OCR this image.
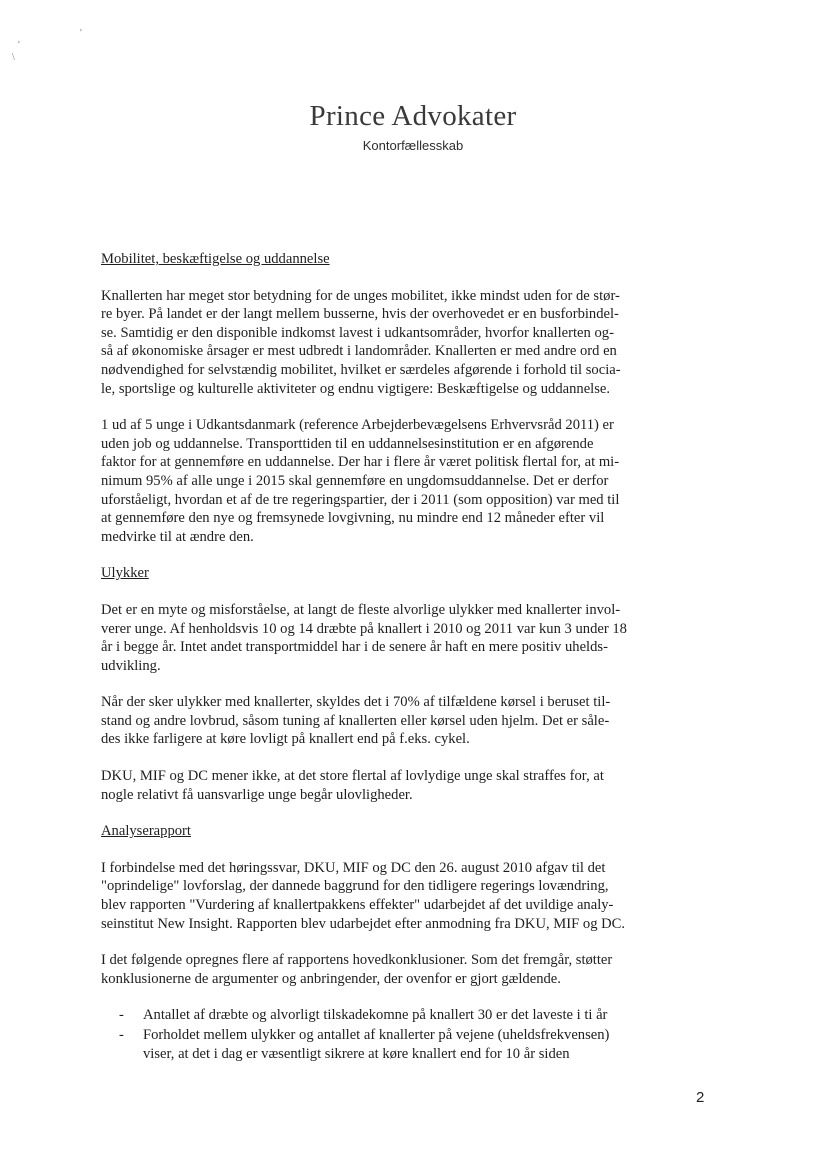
'
'
\
Prince Advokater
Kontorfællesskab
Mobilitet, beskæftigelse og uddannelse
Knallerten har meget stor betydning for de unges mobilitet, ikke mindst uden for de stør-
re byer. På landet er der langt mellem busserne, hvis der overhovedet er en busforbindel-
se. Samtidig er den disponible indkomst lavest i udkantsområder, hvorfor knallerten og-
så af økonomiske årsager er mest udbredt i landområder. Knallerten er med andre ord en
nødvendighed for selvstændig mobilitet, hvilket er særdeles afgørende i forhold til socia-
le, sportslige og kulturelle aktiviteter og endnu vigtigere: Beskæftigelse og uddannelse.
1 ud af 5 unge i Udkantsdanmark (reference Arbejderbevægelsens Erhvervsråd 2011) er
uden job og uddannelse. Transporttiden til en uddannelsesinstitution er en afgørende
faktor for at gennemføre en uddannelse. Der har i flere år været politisk flertal for, at mi-
nimum 95% af alle unge i 2015 skal gennemføre en ungdomsuddannelse. Det er derfor
uforståeligt, hvordan et af de tre regeringspartier, der i 2011 (som opposition) var med til
at gennemføre den nye og fremsynede lovgivning, nu mindre end 12 måneder efter vil
medvirke til at ændre den.
Ulykker
Det er en myte og misforståelse, at langt de fleste alvorlige ulykker med knallerter invol-
verer unge. Af henholdsvis 10 og 14 dræbte på knallert i 2010 og 2011 var kun 3 under 18
år i begge år. Intet andet transportmiddel har i de senere år haft en mere positiv uhelds-
udvikling.
Når der sker ulykker med knallerter, skyldes det i 70% af tilfældene kørsel i beruset til-
stand og andre lovbrud, såsom tuning af knallerten eller kørsel uden hjelm. Det er såle-
des ikke farligere at køre lovligt på knallert end på f.eks. cykel.
DKU, MIF og DC mener ikke, at det store flertal af lovlydige unge skal straffes for, at
nogle relativt få uansvarlige unge begår ulovligheder.
Analyserapport
I forbindelse med det høringssvar, DKU, MIF og DC den 26. august 2010 afgav til det
"oprindelige" lovforslag, der dannede baggrund for den tidligere regerings lovændring,
blev rapporten "Vurdering af knallertpakkens effekter" udarbejdet af det uvildige analy-
seinstitut New Insight. Rapporten blev udarbejdet efter anmodning fra DKU, MIF og DC.
I det følgende opregnes flere af rapportens hovedkonklusioner. Som det fremgår, støtter
konklusionerne de argumenter og anbringender, der ovenfor er gjort gældende.
- Antallet af dræbte og alvorligt tilskadekomne på knallert 30 er det laveste i ti år
- Forholdet mellem ulykker og antallet af knallerter på vejene (uheldsfrekvensen)
viser, at det i dag er væsentligt sikrere at køre knallert end for 10 år siden
2
